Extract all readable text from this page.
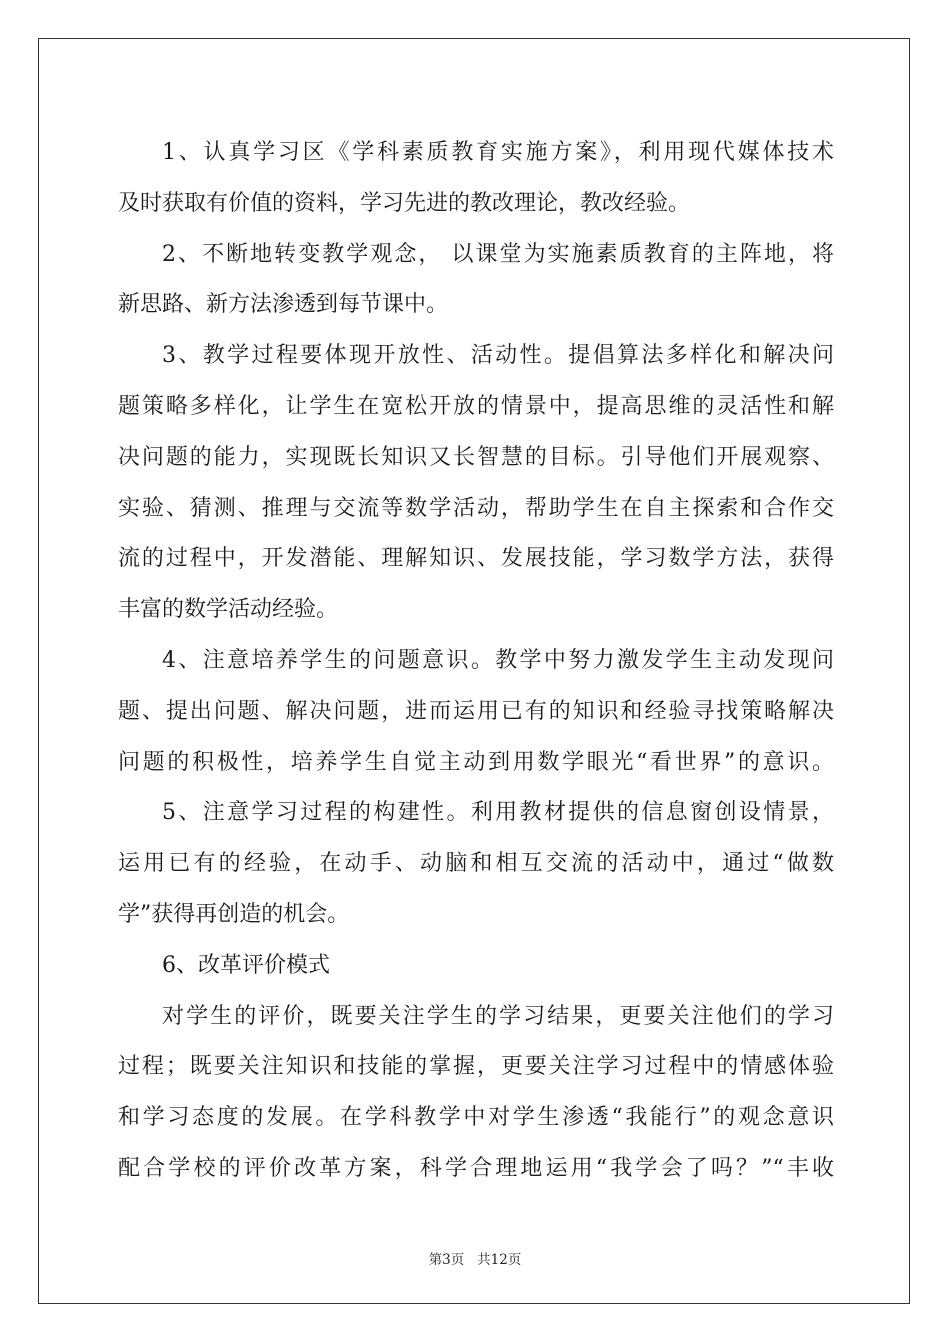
1、认真学习区《学科素质教育实施方案》，利用现代媒体技术
及时获取有价值的资料，学习先进的教改理论，教改经验。
2、不断地转变教学观念， 以课堂为实施素质教育的主阵地，将
新思路、新方法渗透到每节课中。
3、教学过程要体现开放性、活动性。提倡算法多样化和解决问
题策略多样化，让学生在宽松开放的情景中，提高思维的灵活性和解
决问题的能力，实现既长知识又长智慧的目标。引导他们开展观察、
实验、猜测、推理与交流等数学活动，帮助学生在自主探索和合作交
流的过程中，开发潜能、理解知识、发展技能，学习数学方法，获得
丰富的数学活动经验。
4、注意培养学生的问题意识。教学中努力激发学生主动发现问
题、提出问题、解决问题，进而运用已有的知识和经验寻找策略解决
问题的积极性，培养学生自觉主动到用数学眼光“看世界”的意识。
5、注意学习过程的构建性。利用教材提供的信息窗创设情景，
运用已有的经验，在动手、动脑和相互交流的活动中，通过“做数
学”获得再创造的机会。
6、改革评价模式
对学生的评价，既要关注学生的学习结果，更要关注他们的学习
过程；既要关注知识和技能的掌握，更要关注学习过程中的情感体验
和学习态度的发展。在学科教学中对学生渗透“我能行”的观念意识
配合学校的评价改革方案，科学合理地运用“我学会了吗？”“丰收
第3页 共12页
